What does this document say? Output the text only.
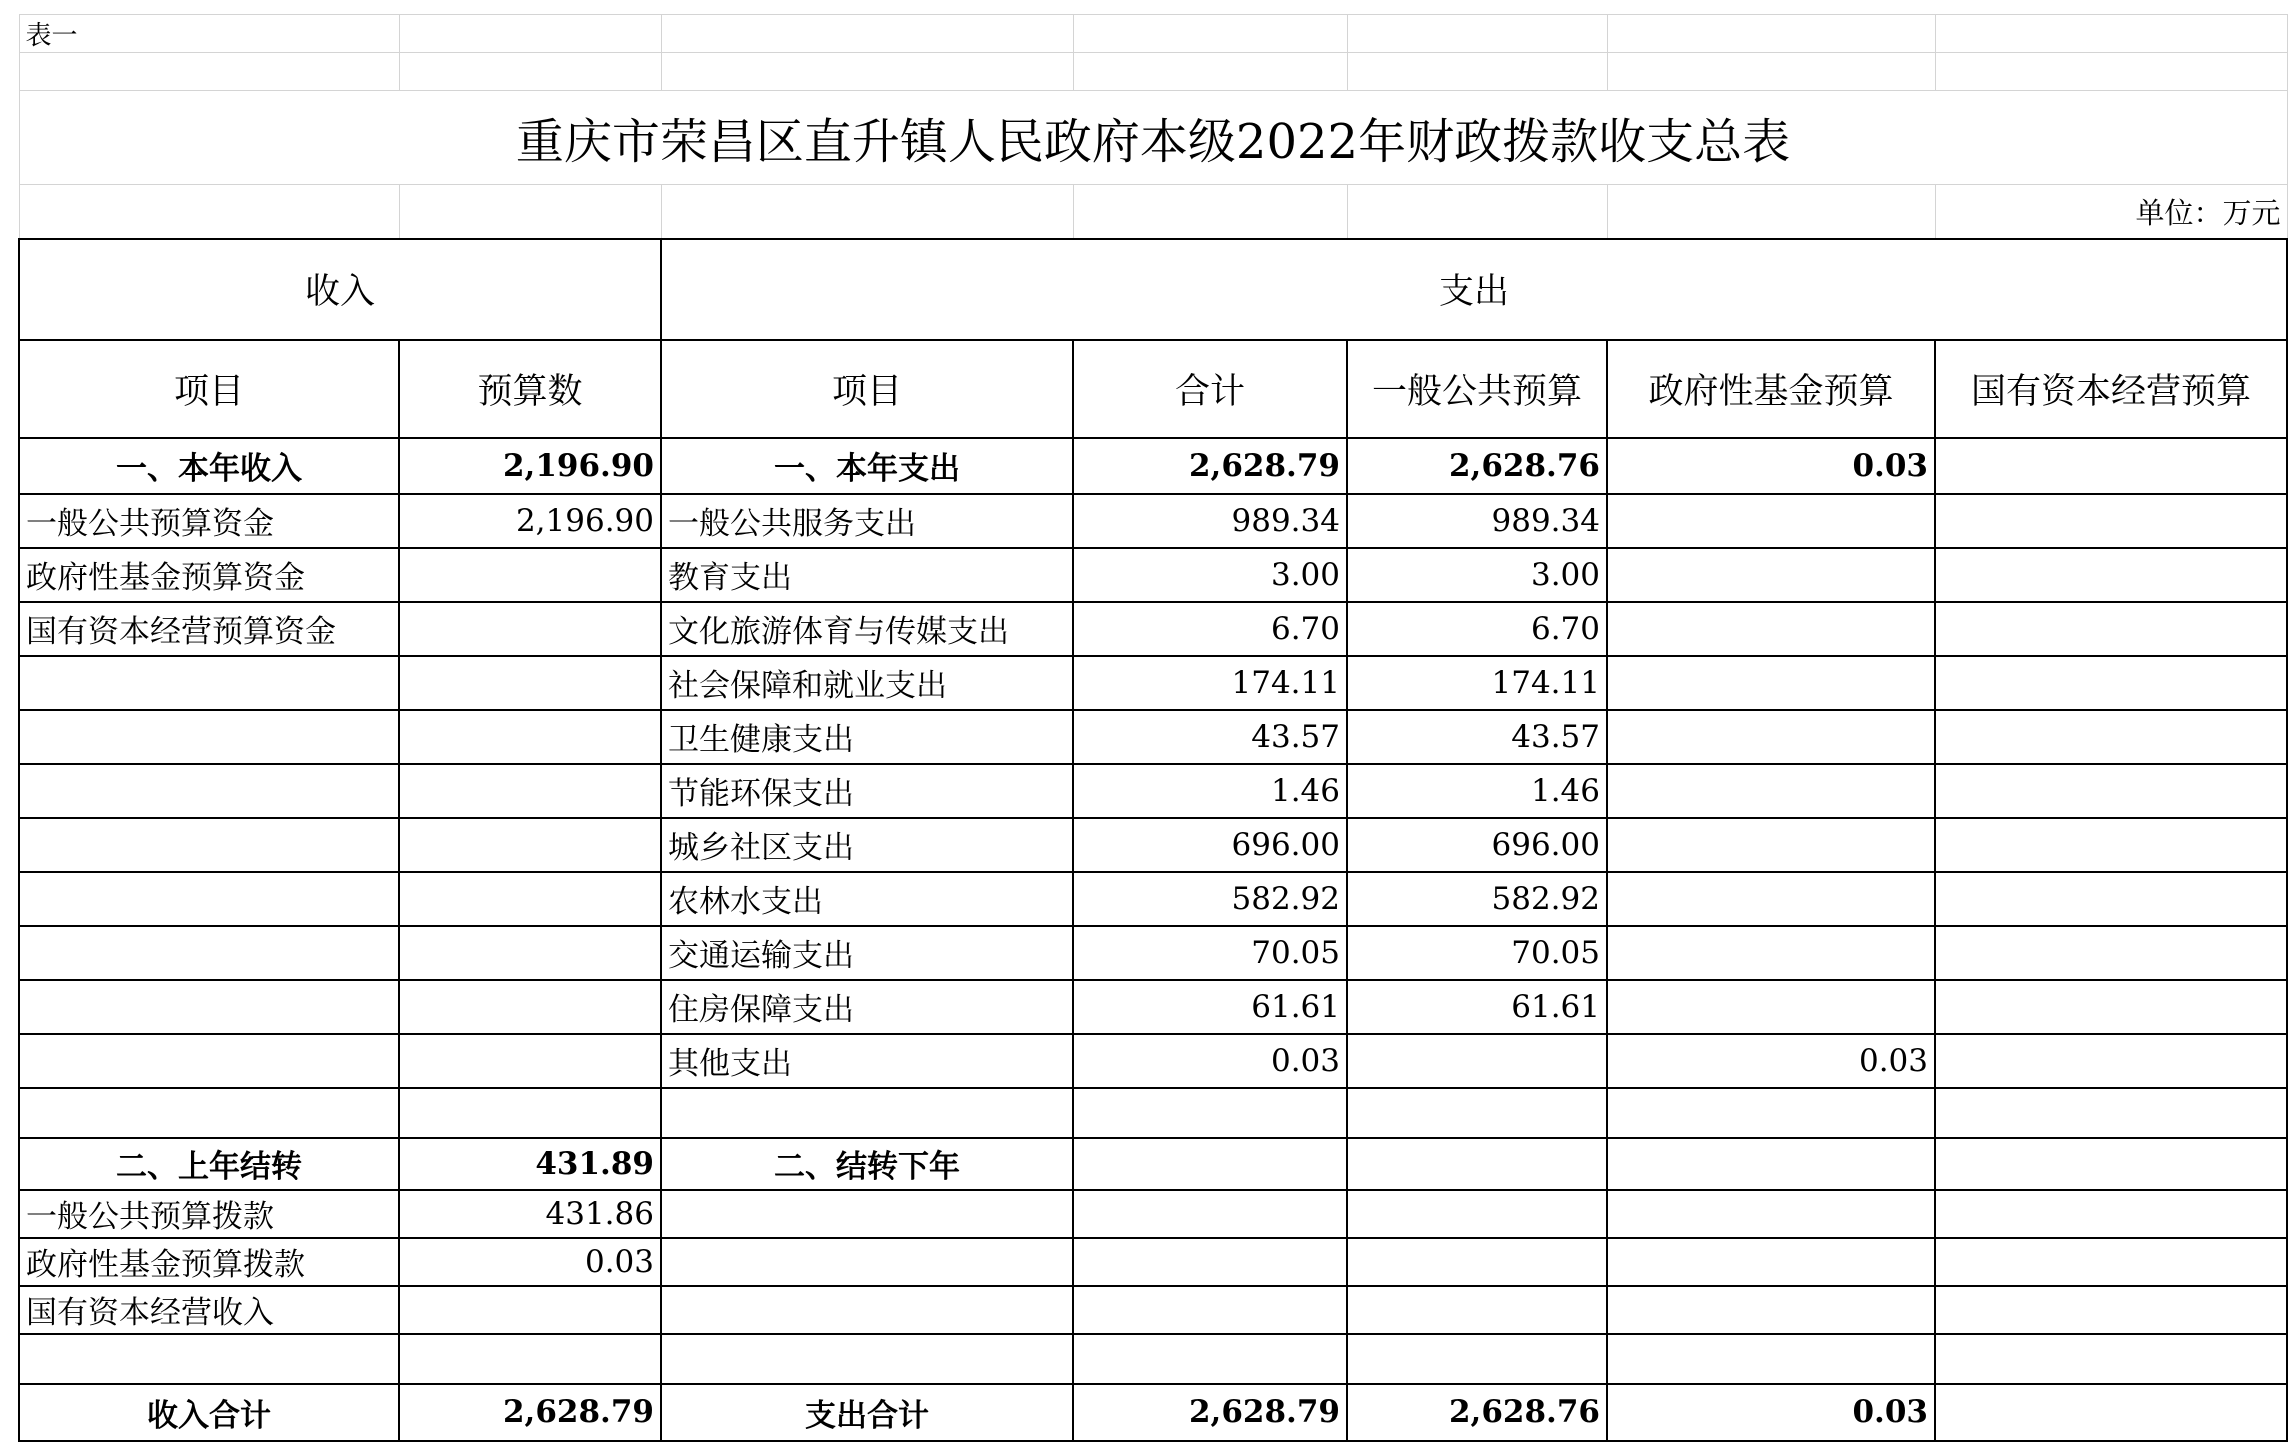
表一						

重庆市荣昌区直升镇人民政府本级2022年财政拨款收支总表						
						单位：万元
收入		支出				
项目	预算数	项目	合计	一般公共预算	政府性基金预算	国有资本经营预算
一、本年收入	2,196.90	一、本年支出	2,628.79	2,628.76	0.03	
一般公共预算资金	2,196.90	一般公共服务支出	989.34	989.34		
政府性基金预算资金		教育支出	3.00	3.00		
国有资本经营预算资金		文化旅游体育与传媒支出	6.70	6.70		
		社会保障和就业支出	174.11	174.11		
		卫生健康支出	43.57	43.57		
		节能环保支出	1.46	1.46		
		城乡社区支出	696.00	696.00		
		农林水支出	582.92	582.92		
		交通运输支出	70.05	70.05		
		住房保障支出	61.61	61.61		
		其他支出	0.03		0.03	

二、上年结转	431.89	二、结转下年				
一般公共预算拨款	431.86					
政府性基金预算拨款	0.03					
国有资本经营收入						

收入合计	2,628.79	支出合计	2,628.79	2,628.76	0.03	
